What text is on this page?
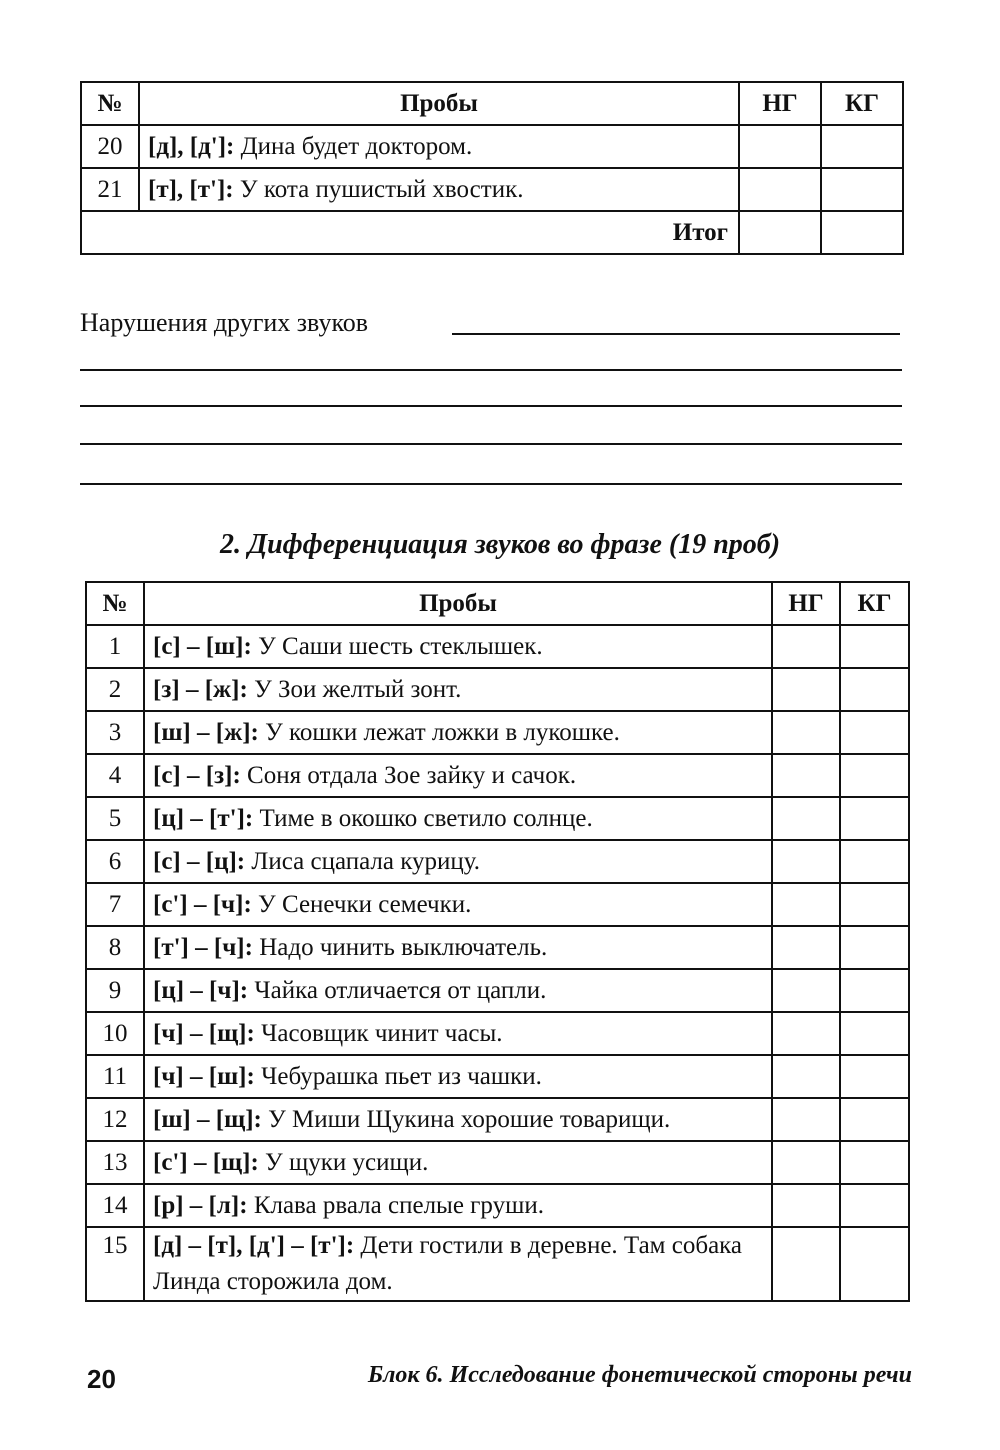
№	Пробы	НГ	КГ
20	[д], [д']: Дина будет доктором.		
21	[т], [т']: У кота пушистый хвостик.		
Итог			
Нарушения других звуков
2. Дифференциация звуков во фразе (19 проб)
№	Пробы	НГ	КГ
1	[с] – [ш]: У Саши шесть стеклышек.		
2	[з] – [ж]: У Зои желтый зонт.		
3	[ш] – [ж]: У кошки лежат ложки в лукошке.		
4	[с] – [з]: Соня отдала Зое зайку и сачок.		
5	[ц] – [т']: Тиме в окошко светило солнце.		
6	[с] – [ц]: Лиса сцапала курицу.		
7	[с'] – [ч]: У Сенечки семечки.		
8	[т'] – [ч]: Надо чинить выключатель.		
9	[ц] – [ч]: Чайка отличается от цапли.		
10	[ч] – [щ]: Часовщик чинит часы.		
11	[ч] – [ш]: Чебурашка пьет из чашки.		
12	[ш] – [щ]: У Миши Щукина хорошие товарищи.		
13	[с'] – [щ]: У щуки усищи.		
14	[р] – [л]: Клава рвала спелые груши.		
15	[д] – [т], [д'] – [т']: Дети гостили в деревне. Там собака Линда сторожила дом.		
20	Блок 6. Исследование фонетической стороны речи
